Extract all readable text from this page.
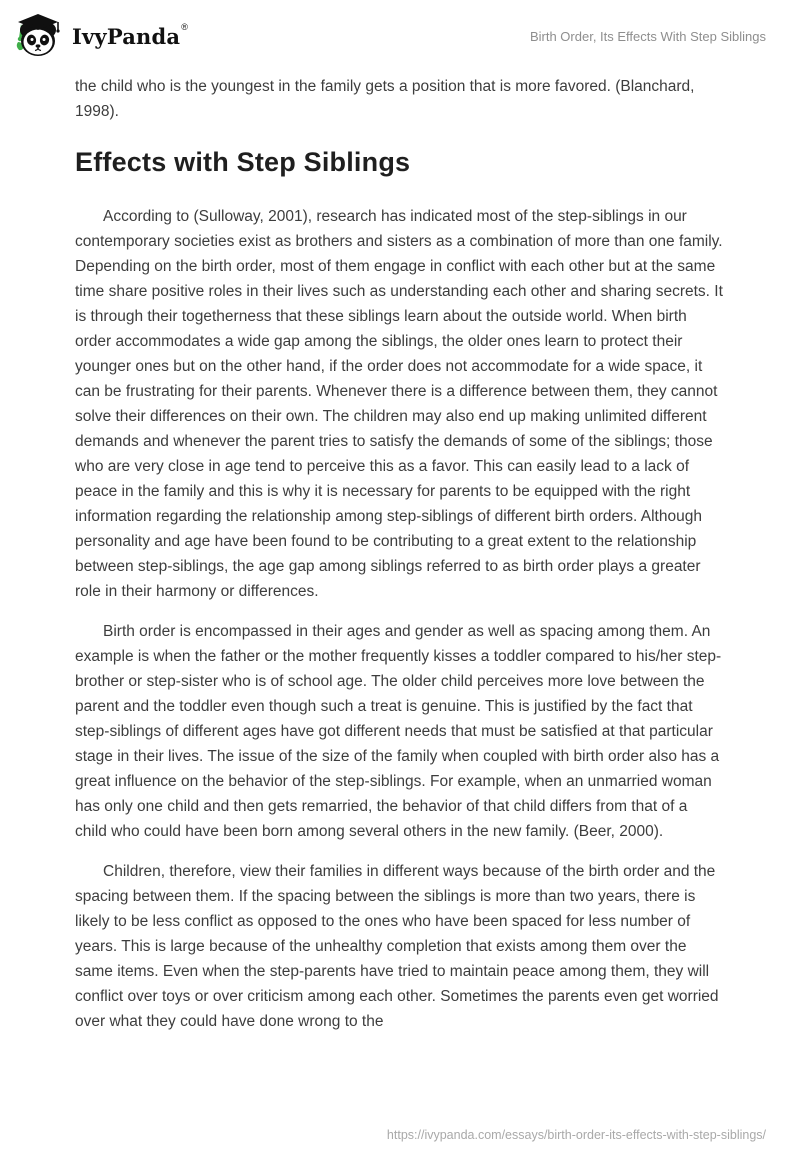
IvyPanda®
Birth Order, Its Effects With Step Siblings

the child who is the youngest in the family gets a position that is more favored. (Blanchard, 1998).

Effects with Step Siblings

According to (Sulloway, 2001), research has indicated most of the step-siblings in our contemporary societies exist as brothers and sisters as a combination of more than one family. Depending on the birth order, most of them engage in conflict with each other but at the same time share positive roles in their lives such as understanding each other and sharing secrets. It is through their togetherness that these siblings learn about the outside world. When birth order accommodates a wide gap among the siblings, the older ones learn to protect their younger ones but on the other hand, if the order does not accommodate for a wide space, it can be frustrating for their parents. Whenever there is a difference between them, they cannot solve their differences on their own. The children may also end up making unlimited different demands and whenever the parent tries to satisfy the demands of some of the siblings; those who are very close in age tend to perceive this as a favor. This can easily lead to a lack of peace in the family and this is why it is necessary for parents to be equipped with the right information regarding the relationship among step-siblings of different birth orders. Although personality and age have been found to be contributing to a great extent to the relationship between step-siblings, the age gap among siblings referred to as birth order plays a greater role in their harmony or differences.

Birth order is encompassed in their ages and gender as well as spacing among them. An example is when the father or the mother frequently kisses a toddler compared to his/her step-brother or step-sister who is of school age. The older child perceives more love between the parent and the toddler even though such a treat is genuine. This is justified by the fact that step-siblings of different ages have got different needs that must be satisfied at that particular stage in their lives. The issue of the size of the family when coupled with birth order also has a great influence on the behavior of the step-siblings. For example, when an unmarried woman has only one child and then gets remarried, the behavior of that child differs from that of a child who could have been born among several others in the new family. (Beer, 2000).

Children, therefore, view their families in different ways because of the birth order and the spacing between them. If the spacing between the siblings is more than two years, there is likely to be less conflict as opposed to the ones who have been spaced for less number of years. This is large because of the unhealthy completion that exists among them over the same items. Even when the step-parents have tried to maintain peace among them, they will conflict over toys or over criticism among each other. Sometimes the parents even get worried over what they could have done wrong to the

https://ivypanda.com/essays/birth-order-its-effects-with-step-siblings/
